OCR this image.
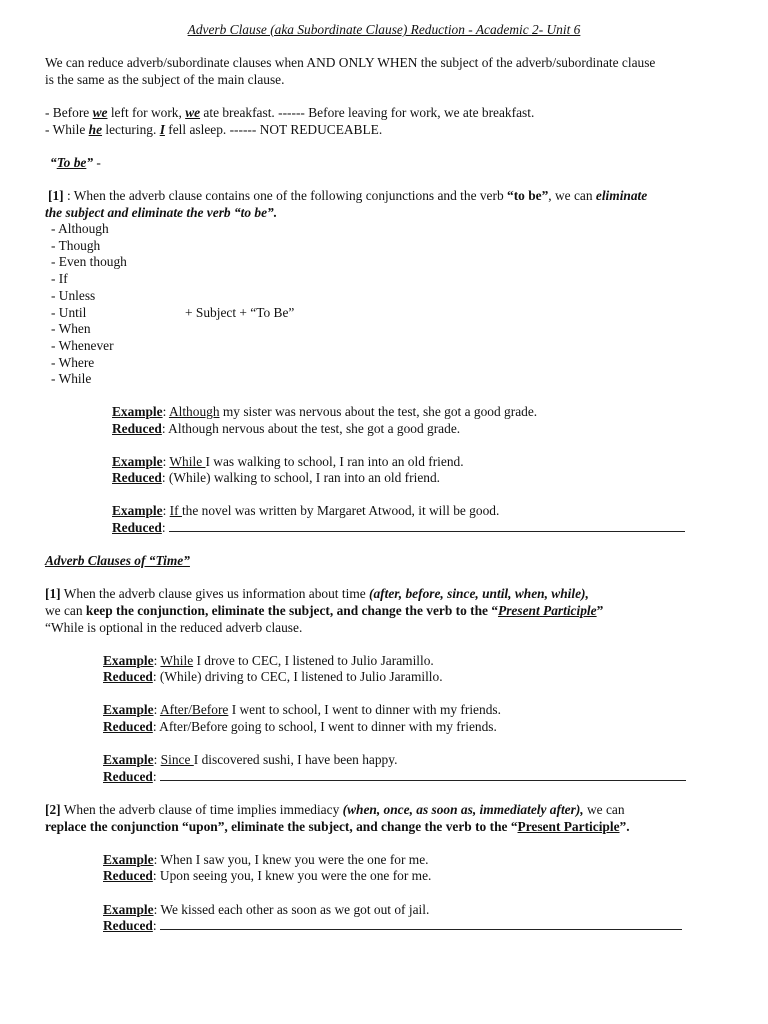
Adverb Clause (aka Subordinate Clause) Reduction - Academic 2- Unit 6
We can reduce adverb/subordinate clauses when AND ONLY WHEN the subject of the adverb/subordinate clause
is the same as the subject of the main clause.
- Before we left for work, we ate breakfast. ------ Before leaving for work, we ate breakfast.
- While he lecturing. I fell asleep. ------ NOT REDUCEABLE.
“To be” -
[1] : When the adverb clause contains one of the following conjunctions and the verb “to be”, we can eliminate
the subject and eliminate the verb “to be”.
- Although
- Though
- Even though
- If
- Unless
- Until
- When
- Whenever
- Where
- While
+ Subject + “To Be”
Example: Although my sister was nervous about the test, she got a good grade.
Reduced: Although nervous about the test, she got a good grade.
Example: While I was walking to school, I ran into an old friend.
Reduced: (While) walking to school, I ran into an old friend.
Example: If the novel was written by Margaret Atwood, it will be good.
Reduced:
Adverb Clauses of “Time”
[1] When the adverb clause gives us information about time (after, before, since, until, when, while),
we can keep the conjunction, eliminate the subject, and change the verb to the “Present Participle”
“While is optional in the reduced adverb clause.
Example: While I drove to CEC, I listened to Julio Jaramillo.
Reduced: (While) driving to CEC, I listened to Julio Jaramillo.
Example: After/Before I went to school, I went to dinner with my friends.
Reduced: After/Before going to school, I went to dinner with my friends.
Example: Since I discovered sushi, I have been happy.
Reduced:
[2] When the adverb clause of time implies immediacy (when, once, as soon as, immediately after), we can
replace the conjunction “upon”, eliminate the subject, and change the verb to the “Present Participle”.
Example: When I saw you, I knew you were the one for me.
Reduced: Upon seeing you, I knew you were the one for me.
Example: We kissed each other as soon as we got out of jail.
Reduced:
